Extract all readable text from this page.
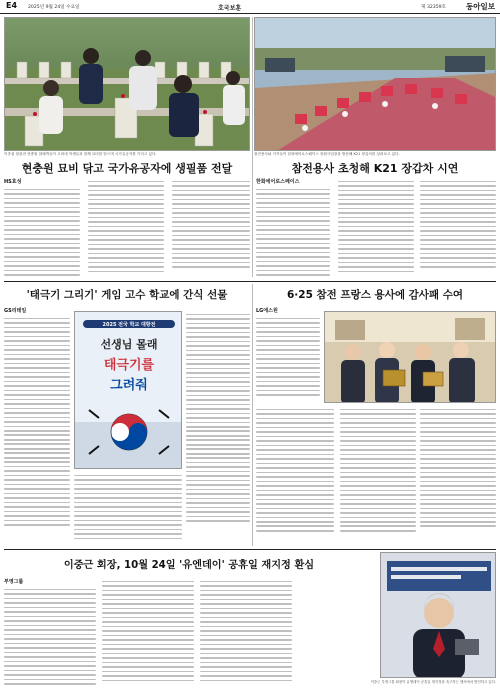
E4 2025년 9월 24일 수요일	호국보훈	제 32359호	동아일보
이종섭 장관과 현충원 참배객들이 고려대 학생들과 함께 묘비를 닦으며 국가유공자를 기리고 있다.
현충원 묘비 닦고 국가유공자에 생필품 전달
HS효성
참전용사와 가족들이 한화에어로스페이스 창원사업장을 방문해 K21 장갑차를 살펴보고 있다.
참전용사 초청해 K21 장갑차 시연
한화에어로스페이스
'태극기 그리기' 게임 고수 학교에 간식 선물
GS리테일
2025 전국 학교 대항전
선생님 몰래
태극기를
그려줘
6·25 참전 프랑스 용사에 감사패 수여
LG에스원
이중근 회장, 10월 24일 '유엔데이' 공휴일 재지정 환심
부영그룹
이중근 부영그룹 회장이 유엔데이 공휴일 재지정을 촉구하는 행사에서 발언하고 있다.
